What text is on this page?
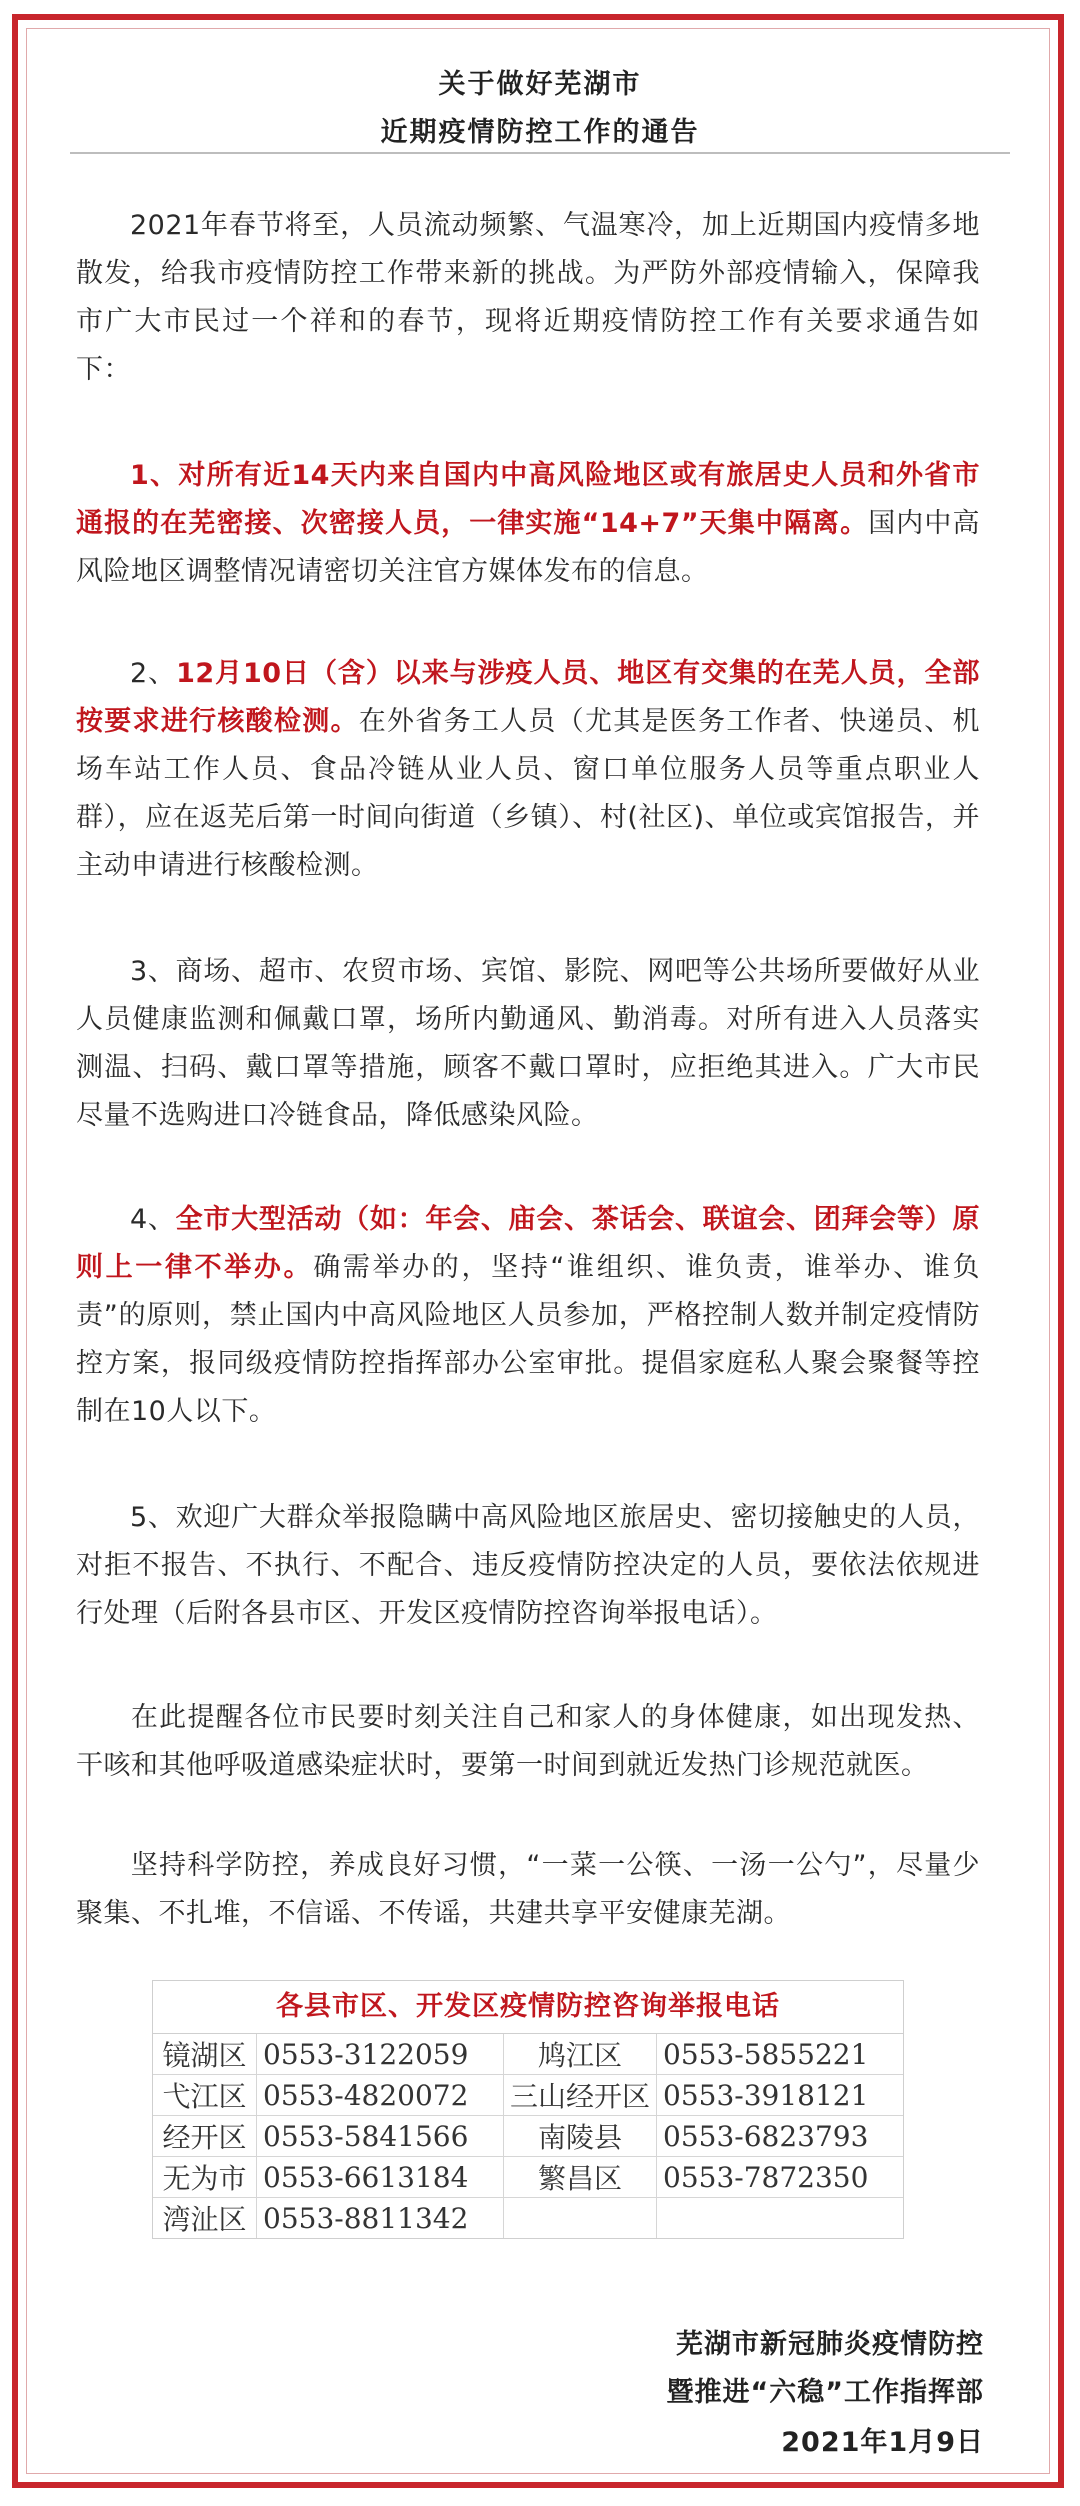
关于做好芜湖市
近期疫情防控工作的通告
2021年春节将至，人员流动频繁、气温寒冷，加上近期国内疫情多地散发，给我市疫情防控工作带来新的挑战。为严防外部疫情输入，保障我市广大市民过一个祥和的春节，现将近期疫情防控工作有关要求通告如下：
1、对所有近14天内来自国内中高风险地区或有旅居史人员和外省市通报的在芜密接、次密接人员，一律实施“14+7”天集中隔离。国内中高风险地区调整情况请密切关注官方媒体发布的信息。
2、12月10日（含）以来与涉疫人员、地区有交集的在芜人员，全部按要求进行核酸检测。在外省务工人员（尤其是医务工作者、快递员、机场车站工作人员、食品冷链从业人员、窗口单位服务人员等重点职业人群），应在返芜后第一时间向街道（乡镇）、村(社区)、单位或宾馆报告，并主动申请进行核酸检测。
3、商场、超市、农贸市场、宾馆、影院、网吧等公共场所要做好从业人员健康监测和佩戴口罩，场所内勤通风、勤消毒。对所有进入人员落实测温、扫码、戴口罩等措施，顾客不戴口罩时，应拒绝其进入。广大市民尽量不选购进口冷链食品，降低感染风险。
4、全市大型活动（如：年会、庙会、茶话会、联谊会、团拜会等）原则上一律不举办。确需举办的，坚持“谁组织、谁负责，谁举办、谁负责”的原则，禁止国内中高风险地区人员参加，严格控制人数并制定疫情防控方案，报同级疫情防控指挥部办公室审批。提倡家庭私人聚会聚餐等控制在10人以下。
5、欢迎广大群众举报隐瞒中高风险地区旅居史、密切接触史的人员，对拒不报告、不执行、不配合、违反疫情防控决定的人员，要依法依规进行处理（后附各县市区、开发区疫情防控咨询举报电话）。
在此提醒各位市民要时刻关注自己和家人的身体健康，如出现发热、干咳和其他呼吸道感染症状时，要第一时间到就近发热门诊规范就医。
坚持科学防控，养成良好习惯，“一菜一公筷、一汤一公勺”，尽量少聚集、不扎堆，不信谣、不传谣，共建共享平安健康芜湖。
各县市区、开发区疫情防控咨询举报电话
镜湖区	0553-3122059	鸠江区	0553-5855221
弋江区	0553-4820072	三山经开区	0553-3918121
经开区	0553-5841566	南陵县	0553-6823793
无为市	0553-6613184	繁昌区	0553-7872350
湾沚区	0553-8811342		
芜湖市新冠肺炎疫情防控
暨推进“六稳”工作指挥部
2021年1月9日
